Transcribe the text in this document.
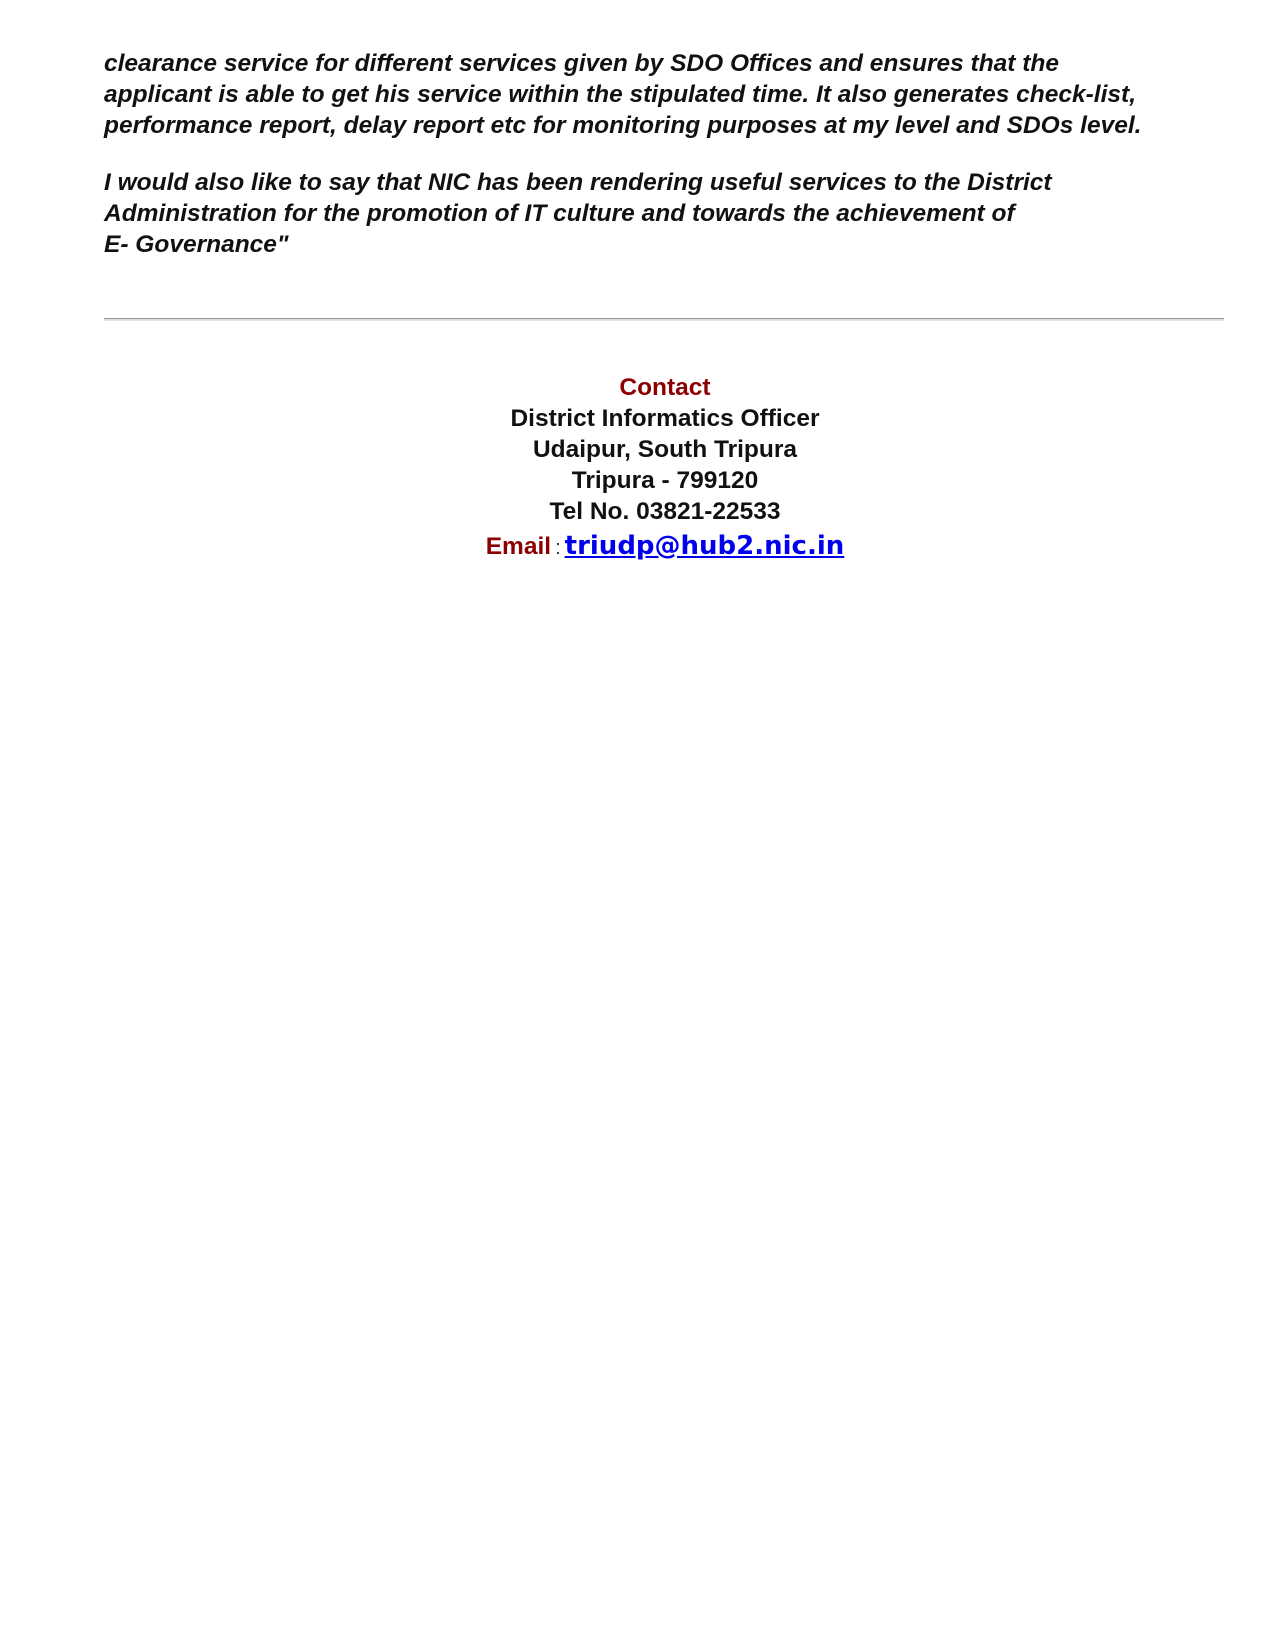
clearance service for different services given by SDO Offices and ensures that the
applicant is able to get his service within the stipulated time. It also generates check-list,
performance report, delay report etc for monitoring purposes at my level and SDOs level.

I would also like to say that NIC has been rendering useful services to the District
Administration for the promotion of IT culture and towards the achievement of
E- Governance"

Contact
District Informatics Officer
Udaipur, South Tripura
Tripura - 799120
Tel No. 03821-22533
Email : triudp@hub2.nic.in
